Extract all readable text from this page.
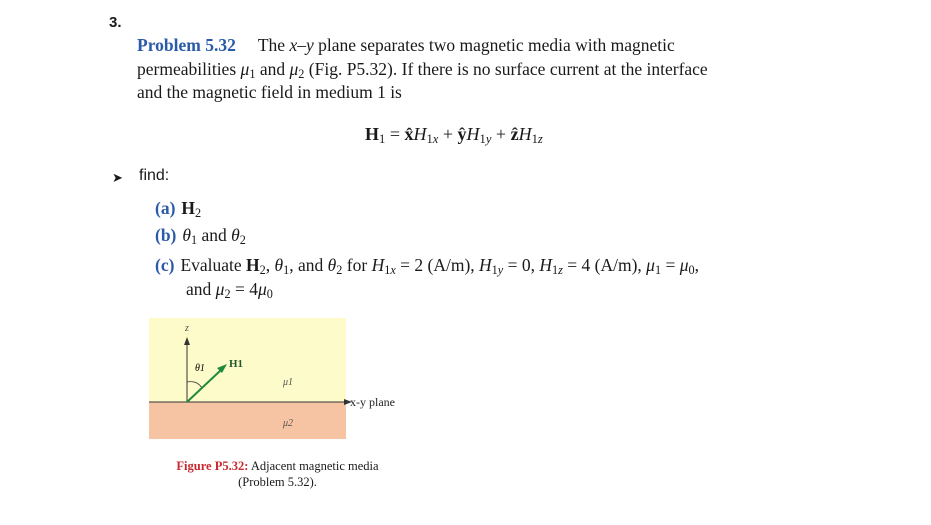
3.
Problem 5.32 The x–y plane separates two magnetic media with magnetic
permeabilities $\mu_1$ and $\mu_2$ (Fig. P5.32). If there is no surface current at the interface
and the magnetic field in medium 1 is
$H_1$ = $x̂H_{1x}$ + $ŷH_{1y}$ + ẑH$_{1z}$
➤ find:
(a) $H_2$
(b) $\theta_1$ and $\theta_2$
(c) Evaluate $H_2$, $\theta_1$, and $\theta_2$ for $H_{1x} = 2$ (A/m), $H_{1y} = 0$, $H_{1z} = 4$ (A/m), $\mu_1 = \mu_0$,
and $\mu_2 = 4\mu_0$
z
θ1 H1
μ1
μ2
x-y plane
Figure P5.32: Adjacent magnetic media
(Problem 5.32).
